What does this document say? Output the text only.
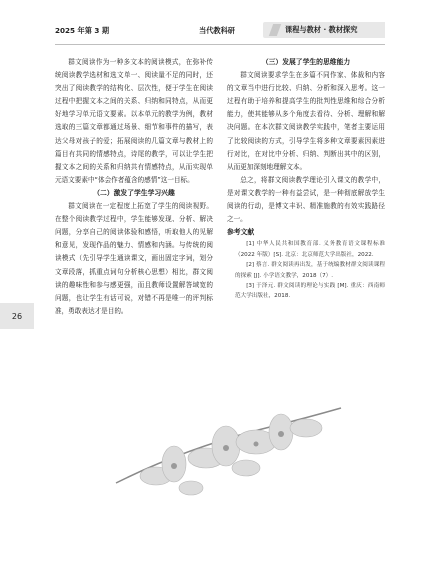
2025 年第 3 期	当代教科研	课程与教材 · 教材探究
26

群文阅读作为一种多文本的阅读模式，在弥补传统阅读教学选材和选文单一、阅读量不足的同时，还突出了阅读教学的结构化、层次性，便于学生在阅读过程中把握文本之间的关系、归纳和同特点，从而更好地学习单元语文要素。以本单元的教学为例，教材选取的三篇文章都通过场景、细节和事件的描写，表达父母对孩子的爱；拓展阅读的几篇文章与教材上的篇目有共同的情感特点，诗尾的教学，可以让学生把握文本之间的关系和归纳共有情感特点，从而实现单元语文要素中“体会作者蕴含的感情”这一目标。

（二）激发了学生学习兴趣

群文阅读在一定程度上拓宽了学生的阅读视野。在整个阅读教学过程中，学生能够发现、分析、解决问题，分享自己的阅读体验和感悟，听取他人的见解和意见，发现作品的魅力、情感和内涵。与传统的阅读模式（先引导学生通读课文，画出固定字词，划分文章段落，抓重点词句分析核心思想）相比，群文阅读的趣味性和参与感更强，而且教师设置解答域宽的问题，也让学生有话可说，对错不再是唯一的评判标准，勇敢表达才是目的。

（三）发展了学生的思维能力

群文阅读要求学生在多篇不同作家、体裁和内容的文章当中进行比较、归纳、分析和深入思考。这一过程有助于培养和提高学生的批判性思维和综合分析能力，使其能够从多个角度去看待、分析、理解和解决问题。在本次群文阅读教学实践中，笔者主要运用了比较阅读的方式，引导学生将多种文章要素因素进行对比，在对比中分析、归纳、判断出其中的区别，从而更加深刻地理解文本。

总之，将群文阅读教学理论引入课文的教学中，是对课文教学的一种有益尝试，是一种彻底解放学生阅读的行动，是博文丰识、精准施教的有效实践路径之一。

参考文献

[1] 中华人民共和国教育部. 义务教育语文课程标准（2022 年版）[S]. 北京：北京师范大学出版社，2022.

[2] 蔡言. 群文阅读再出发，基于统编教材群文阅读课程的探索 [J]. 小学语文教学，2018（7）.

[3] 于泽元. 群文阅读的理论与实践 [M]. 重庆：西南师范大学出版社，2018.
